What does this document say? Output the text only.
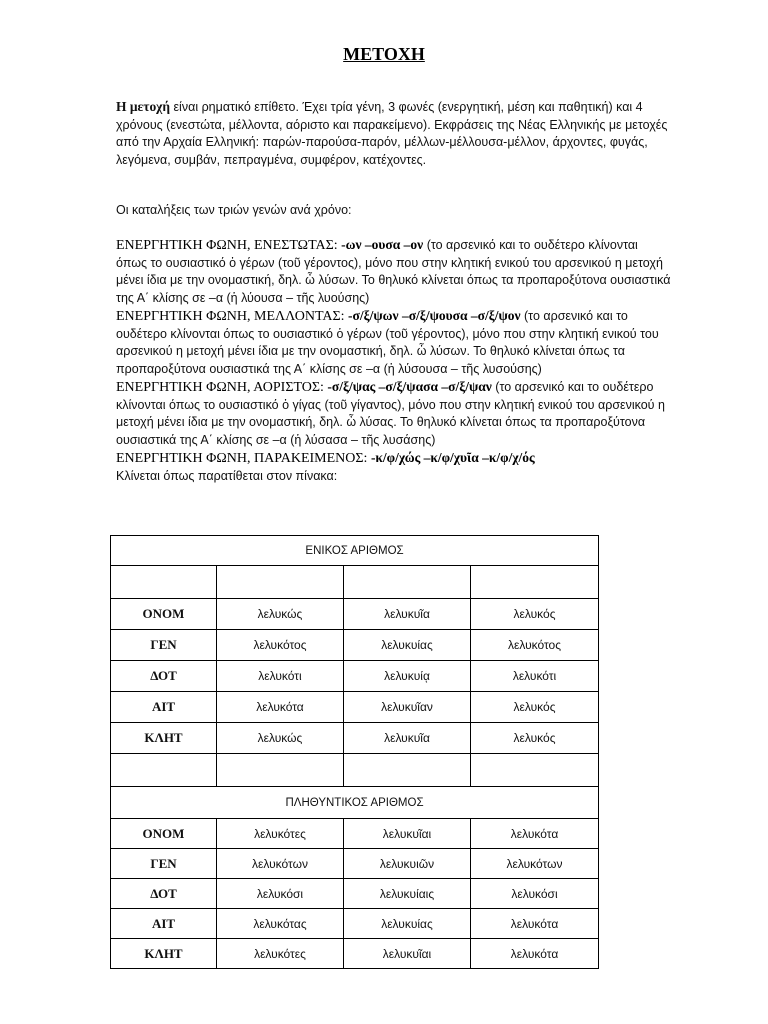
ΜΕΤΟΧΗ
Η μετοχή είναι ρηματικό επίθετο. Έχει τρία γένη, 3 φωνές (ενεργητική, μέση και παθητική) και 4 χρόνους (ενεστώτα, μέλλοντα, αόριστο και παρακείμενο). Εκφράσεις της Νέας Ελληνικής με μετοχές από την Αρχαία Ελληνική: παρών-παρούσα-παρόν, μέλλων-μέλλουσα-μέλλον, άρχοντες, φυγάς, λεγόμενα, συμβάν, πεπραγμένα, συμφέρον, κατέχοντες.
Οι καταλήξεις των τριών γενών ανά χρόνο:

ΕΝΕΡΓΗΤΙΚΗ ΦΩΝΗ, ΕΝΕΣΤΩΤΑΣ: -ων –ουσα –ον (το αρσενικό και το ουδέτερο κλίνονται όπως το ουσιαστικό ὁ γέρων (τοῦ γέροντος), μόνο που στην κλητική ενικού του αρσενικού η μετοχή μένει ίδια με την ονομαστική, δηλ. ὦ λύσων. Το θηλυκό κλίνεται όπως τα προπαροξύτονα ουσιαστικά της Α΄ κλίσης σε –α (ἡ λύουσα – τῆς λυούσης)

ΕΝΕΡΓΗΤΙΚΗ ΦΩΝΗ, ΜΕΛΛΟΝΤΑΣ: -σ/ξ/ψων –σ/ξ/ψουσα –σ/ξ/ψον (το αρσενικό και το ουδέτερο κλίνονται όπως το ουσιαστικό ὁ γέρων (τοῦ γέροντος), μόνο που στην κλητική ενικού του αρσενικού η μετοχή μένει ίδια με την ονομαστική, δηλ. ὦ λύσων. Το θηλυκό κλίνεται όπως τα προπαροξύτονα ουσιαστικά της Α΄ κλίσης σε –α (ἡ λύσουσα – τῆς λυσούσης)

ΕΝΕΡΓΗΤΙΚΗ ΦΩΝΗ, ΑΟΡΙΣΤΟΣ: -σ/ξ/ψας –σ/ξ/ψασα –σ/ξ/ψαν (το αρσενικό και το ουδέτερο κλίνονται όπως το ουσιαστικό ὁ γίγας (τοῦ γίγαντος), μόνο που στην κλητική ενικού του αρσενικού η μετοχή μένει ίδια με την ονομαστική, δηλ. ὦ λύσας. Το θηλυκό κλίνεται όπως τα προπαροξύτονα ουσιαστικά της Α΄ κλίσης σε –α (ἡ λύσασα – τῆς λυσάσης)

ΕΝΕΡΓΗΤΙΚΗ ΦΩΝΗ, ΠΑΡΑΚΕΙΜΕΝΟΣ: -κ/φ/χώς –κ/φ/χυῖα –κ/φ/χ/ός

Κλίνεται όπως παρατίθεται στον πίνακα:

ΕΝΙΚΟΣ ΑΡΙΘΜΟΣ			

ΟΝΟΜ	λελυκώς	λελυκυῖα	λελυκός
ΓΕΝ	λελυκότος	λελυκυίας	λελυκότος
ΔΟΤ	λελυκότι	λελυκυίᾳ	λελυκότι
ΑΙΤ	λελυκότα	λελυκυῖαν	λελυκός
ΚΛΗΤ	λελυκώς	λελυκυῖα	λελυκός

ΠΛΗΘΥΝΤΙΚΟΣ ΑΡΙΘΜΟΣ			
ΟΝΟΜ	λελυκότες	λελυκυῖαι	λελυκότα
ΓΕΝ	λελυκότων	λελυκυιῶν	λελυκότων
ΔΟΤ	λελυκόσι	λελυκυίαις	λελυκόσι
ΑΙΤ	λελυκότας	λελυκυίας	λελυκότα
ΚΛΗΤ	λελυκότες	λελυκυῖαι	λελυκότα
